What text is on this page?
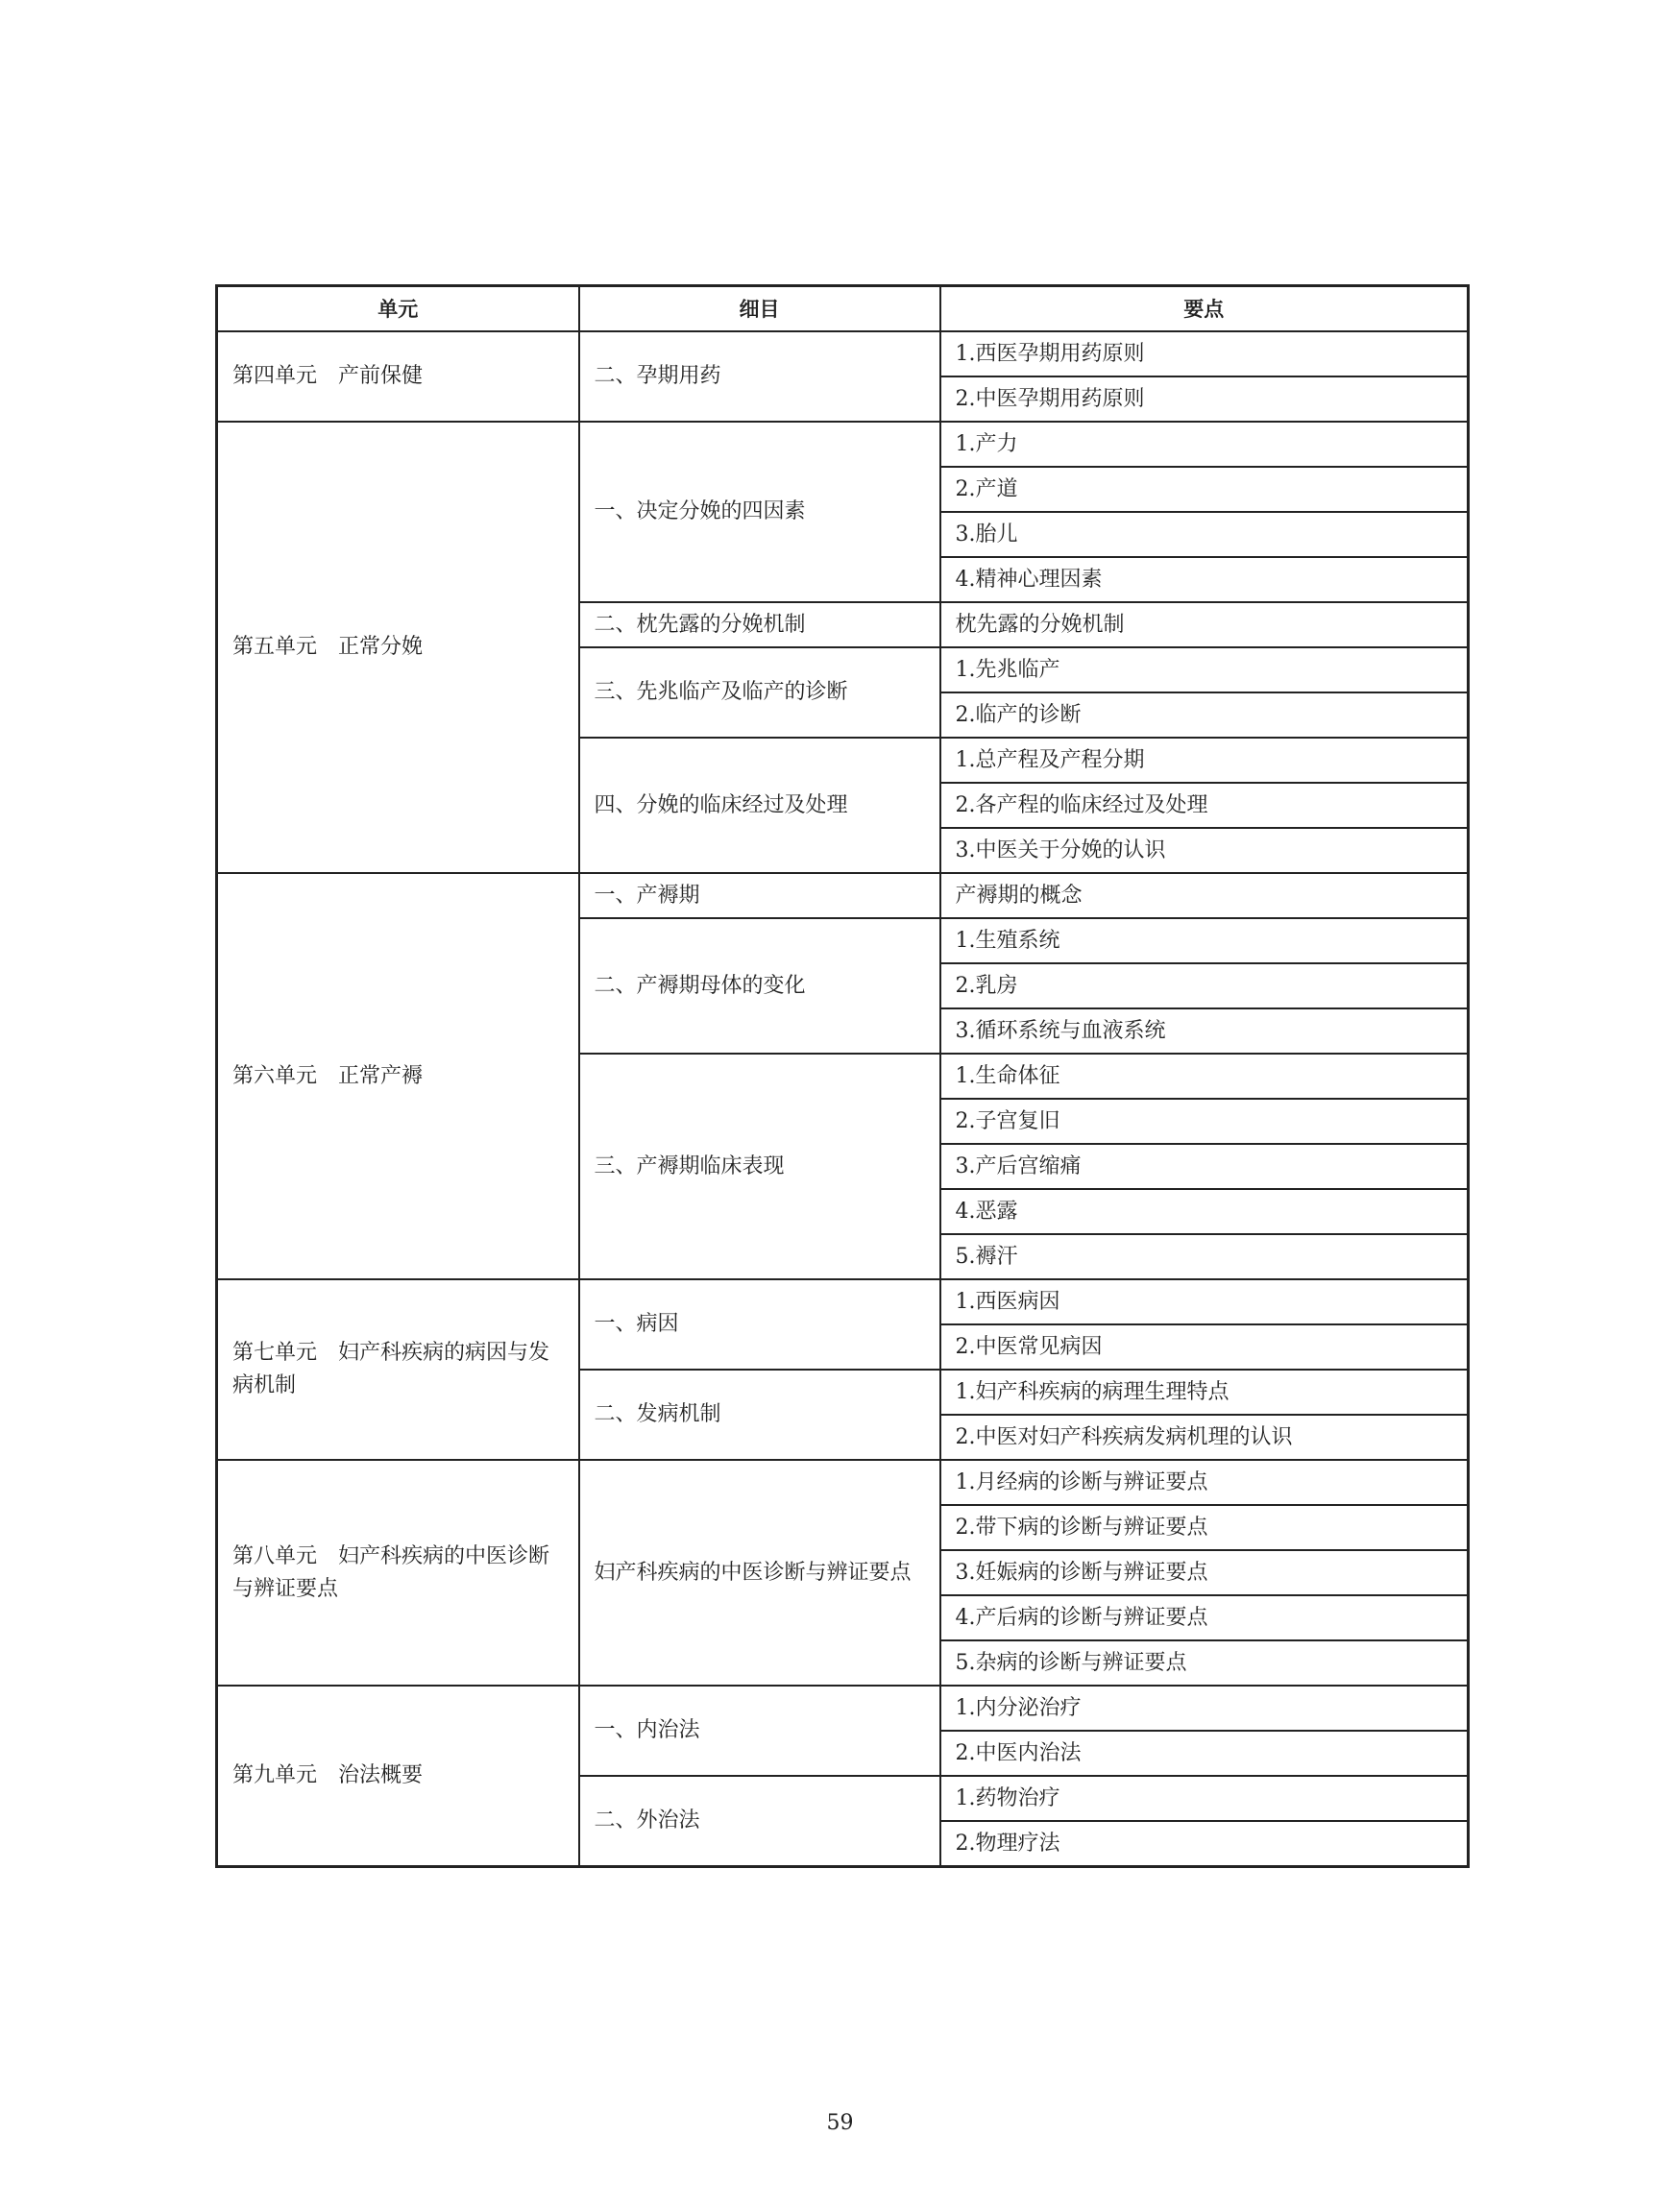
单元	细目	要点
第四单元　产前保健	二、孕期用药	1.西医孕期用药原则
		2.中医孕期用药原则
第五单元　正常分娩	一、决定分娩的四因素	1.产力
		2.产道
		3.胎儿
		4.精神心理因素
	二、枕先露的分娩机制	枕先露的分娩机制
	三、先兆临产及临产的诊断	1.先兆临产
		2.临产的诊断
	四、分娩的临床经过及处理	1.总产程及产程分期
		2.各产程的临床经过及处理
		3.中医关于分娩的认识
第六单元　正常产褥	一、产褥期	产褥期的概念
	二、产褥期母体的变化	1.生殖系统
		2.乳房
		3.循环系统与血液系统
	三、产褥期临床表现	1.生命体征
		2.子宫复旧
		3.产后宫缩痛
		4.恶露
		5.褥汗
第七单元　妇产科疾病的病因与发病机制	一、病因	1.西医病因
		2.中医常见病因
	二、发病机制	1.妇产科疾病的病理生理特点
		2.中医对妇产科疾病发病机理的认识
第八单元　妇产科疾病的中医诊断与辨证要点	妇产科疾病的中医诊断与辨证要点	1.月经病的诊断与辨证要点
		2.带下病的诊断与辨证要点
		3.妊娠病的诊断与辨证要点
		4.产后病的诊断与辨证要点
		5.杂病的诊断与辨证要点
第九单元　治法概要	一、内治法	1.内分泌治疗
		2.中医内治法
	二、外治法	1.药物治疗
		2.物理疗法
59
